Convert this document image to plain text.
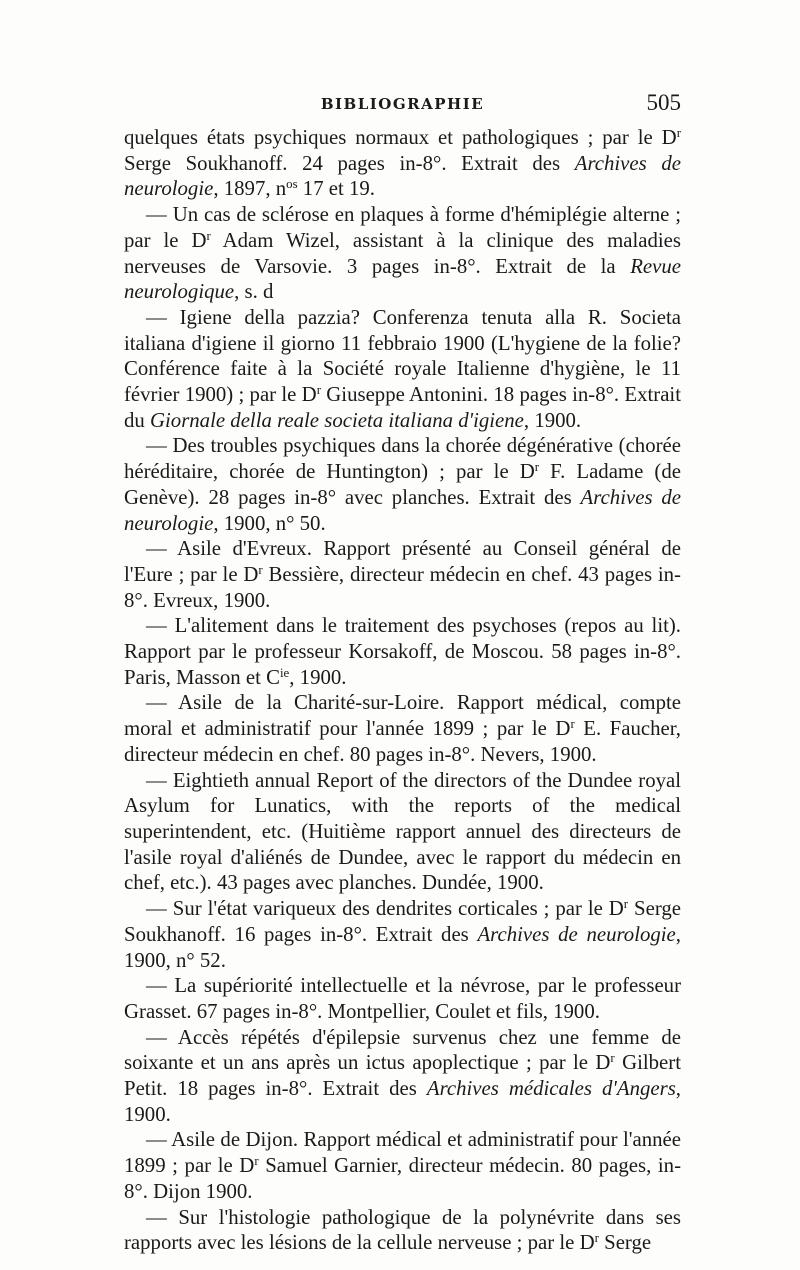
BIBLIOGRAPHIE	505

quelques états psychiques normaux et pathologiques ; par le $D^r$ Serge Soukhanoff. 24 pages in-8°. Extrait des Archives de neurologie, 1897, $n^{os}$ 17 et 19.

— Un cas de sclérose en plaques à forme d'hémiplégie alterne ; par le $D^r$ Adam Wizel, assistant à la clinique des maladies nerveuses de Varsovie. 3 pages in-8°. Extrait de la Revue neurologique, s. d

— Igiene della pazzia? Conferenza tenuta alla R. Societa italiana d'igiene il giorno 11 febbraio 1900 (L'hygiene de la folie? Conférence faite à la Société royale Italienne d'hygiène, le 11 février 1900) ; par le $D^r$ Giuseppe Antonini. 18 pages in-8°. Extrait du Giornale della reale societa italiana d'igiene, 1900.

— Des troubles psychiques dans la chorée dégénérative (chorée héréditaire, chorée de Huntington) ; par le $D^r$ F. Ladame (de Genève). 28 pages in-8° avec planches. Extrait des Archives de neurologie, 1900, n° 50.

— Asile d'Evreux. Rapport présenté au Conseil général de l'Eure ; par le $D^r$ Bessière, directeur médecin en chef. 43 pages in-8°. Evreux, 1900.

— L'alitement dans le traitement des psychoses (repos au lit). Rapport par le professeur Korsakoff, de Moscou. 58 pages in-8°. Paris, Masson et $C^{ie}$, 1900.

— Asile de la Charité-sur-Loire. Rapport médical, compte moral et administratif pour l'année 1899 ; par le $D^r$ E. Faucher, directeur médecin en chef. 80 pages in-8°. Nevers, 1900.

— Eightieth annual Report of the directors of the Dundee royal Asylum for Lunatics, with the reports of the medical superintendent, etc. (Huitième rapport annuel des directeurs de l'asile royal d'aliénés de Dundee, avec le rapport du médecin en chef, etc.). 43 pages avec planches. Dundée, 1900.

— Sur l'état variqueux des dendrites corticales ; par le $D^r$ Serge Soukhanoff. 16 pages in-8°. Extrait des Archives de neurologie, 1900, n° 52.

— La supériorité intellectuelle et la névrose, par le professeur Grasset. 67 pages in-8°. Montpellier, Coulet et fils, 1900.

— Accès répétés d'épilepsie survenus chez une femme de soixante et un ans après un ictus apoplectique ; par le $D^r$ Gilbert Petit. 18 pages in-8°. Extrait des Archives médicales d'Angers, 1900.

— Asile de Dijon. Rapport médical et administratif pour l'année 1899 ; par le $D^r$ Samuel Garnier, directeur médecin. 80 pages, in-8°. Dijon 1900.

— Sur l'histologie pathologique de la polynévrite dans ses rapports avec les lésions de la cellule nerveuse ; par le $D^r$ Serge
